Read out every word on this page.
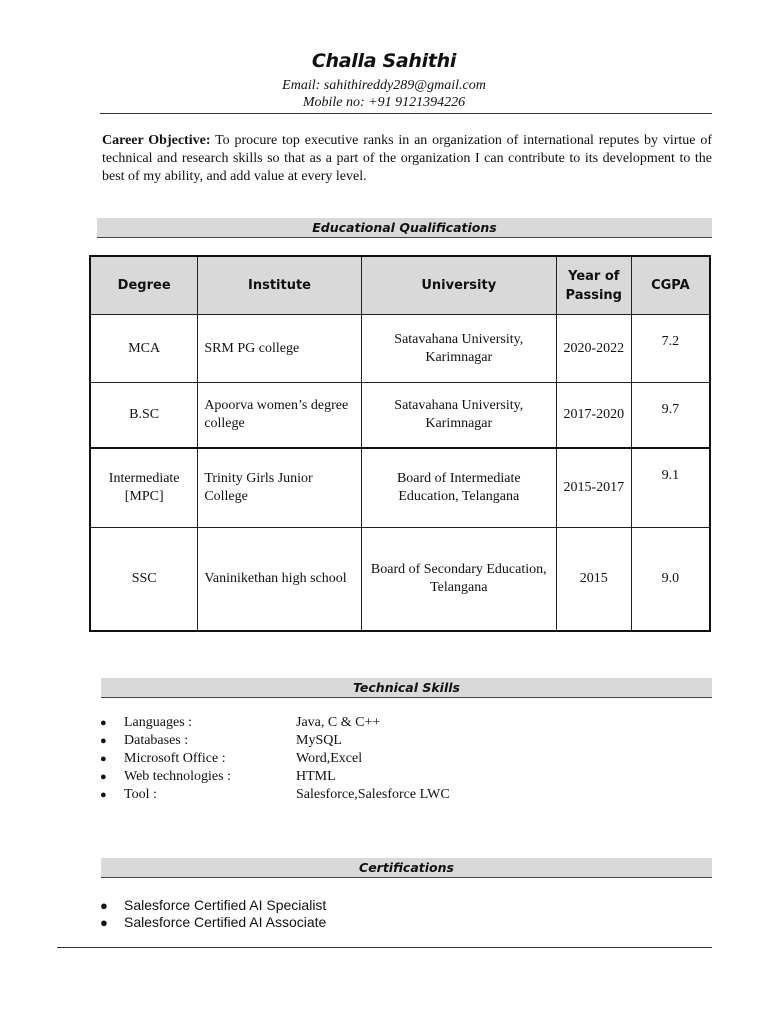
Challa Sahithi
Email: sahithireddy289@gmail.com
Mobile no: +91 9121394226
Career Objective: To procure top executive ranks in an organization of international reputes by virtue of technical and research skills so that as a part of the organization I can contribute to its development to the best of my ability, and add value at every level.
Educational Qualifications
Degree	Institute	University	Year of Passing	CGPA
MCA	SRM PG college	Satavahana University, Karimnagar	2020-2022	7.2
B.SC	Apoorva women’s degree college	Satavahana University, Karimnagar	2017-2020	9.7
Intermediate [MPC]	Trinity Girls Junior College	Board of Intermediate Education, Telangana	2015-2017	9.1
SSC	Vaninikethan high school	Board of Secondary Education, Telangana	2015	9.0
Technical Skills
●	Languages :	Java, C & C++
●	Databases :	MySQL
●	Microsoft Office :	Word,Excel
●	Web technologies :	HTML
●	Tool :	Salesforce,Salesforce LWC
Certifications
●	Salesforce Certified AI Specialist
●	Salesforce Certified AI Associate
